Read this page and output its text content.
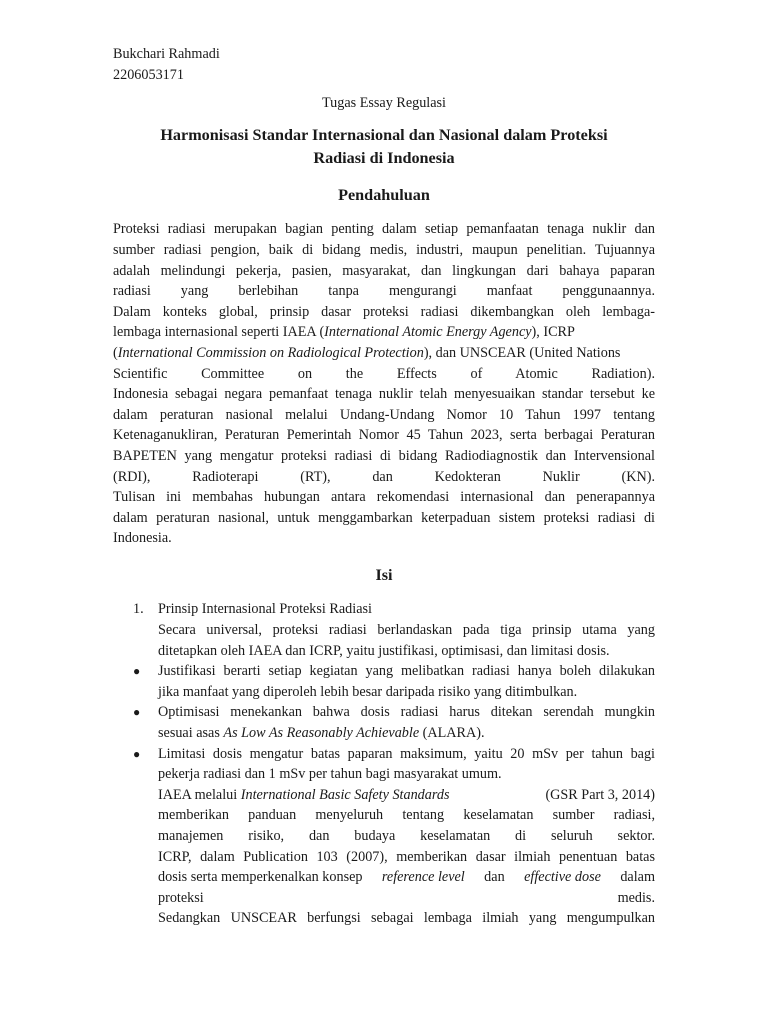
Bukchari Rahmadi
2206053171
Tugas Essay Regulasi
Harmonisasi Standar Internasional dan Nasional dalam Proteksi
Radiasi di Indonesia
Pendahuluan
Proteksi radiasi merupakan bagian penting dalam setiap pemanfaatan tenaga nuklir dan
sumber radiasi pengion, baik di bidang medis, industri, maupun penelitian. Tujuannya
adalah melindungi pekerja, pasien, masyarakat, dan lingkungan dari bahaya paparan
radiasi yang berlebihan tanpa mengurangi manfaat penggunaannya.
Dalam konteks global, prinsip dasar proteksi radiasi dikembangkan oleh lembaga-
lembaga internasional seperti IAEA (International Atomic Energy Agency), ICRP
(International Commission on Radiological Protection), dan UNSCEAR (United Nations
Scientific Committee on the Effects of Atomic Radiation).
Indonesia sebagai negara pemanfaat tenaga nuklir telah menyesuaikan standar tersebut ke
dalam peraturan nasional melalui Undang-Undang Nomor 10 Tahun 1997 tentang
Ketenaganukliran, Peraturan Pemerintah Nomor 45 Tahun 2023, serta berbagai Peraturan
BAPETEN yang mengatur proteksi radiasi di bidang Radiodiagnostik dan Intervensional
(RDI), Radioterapi (RT), dan Kedokteran Nuklir (KN).
Tulisan ini membahas hubungan antara rekomendasi internasional dan penerapannya
dalam peraturan nasional, untuk menggambarkan keterpaduan sistem proteksi radiasi di
Indonesia.
Isi
1. Prinsip Internasional Proteksi Radiasi
Secara universal, proteksi radiasi berlandaskan pada tiga prinsip utama yang
ditetapkan oleh IAEA dan ICRP, yaitu justifikasi, optimisasi, dan limitasi dosis.
● Justifikasi berarti setiap kegiatan yang melibatkan radiasi hanya boleh dilakukan
jika manfaat yang diperoleh lebih besar daripada risiko yang ditimbulkan.
● Optimisasi menekankan bahwa dosis radiasi harus ditekan serendah mungkin
sesuai asas As Low As Reasonably Achievable (ALARA).
● Limitasi dosis mengatur batas paparan maksimum, yaitu 20 mSv per tahun bagi
pekerja radiasi dan 1 mSv per tahun bagi masyarakat umum.
IAEA melalui International Basic Safety Standards	(GSR Part 3, 2014)
memberikan panduan menyeluruh tentang keselamatan sumber radiasi,
manajemen risiko, dan budaya keselamatan di seluruh sektor.
ICRP, dalam Publication 103 (2007), memberikan dasar ilmiah penentuan batas
dosis serta memperkenalkan konsep reference level dan effective dose dalam
proteksi	medis.
Sedangkan UNSCEAR berfungsi sebagai lembaga ilmiah yang mengumpulkan
